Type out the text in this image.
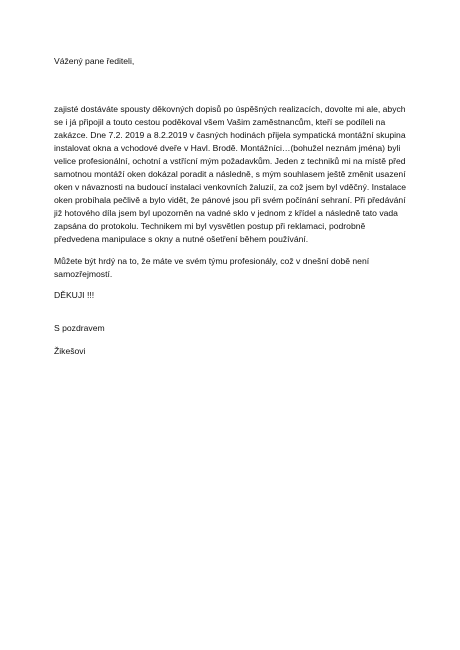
Vážený pane řediteli,
zajisté dostáváte spousty děkovných dopisů po úspěšných realizacích, dovolte mi ale, abych
se i já připojil a touto cestou poděkoval všem Vašim zaměstnancům, kteří se podíleli na
zakázce. Dne 7.2. 2019 a 8.2.2019 v časných hodinách přijela sympatická montážní skupina
instalovat okna a vchodové dveře v Havl. Brodě. Montážníci…(bohužel neznám jména) byli
velice profesionální, ochotní a vstřícní mým požadavkům. Jeden z techniků mi na místě před
samotnou montáží oken dokázal poradit a následně, s mým souhlasem ještě změnit usazení
oken v návaznosti na budoucí instalaci venkovních žaluzií, za což jsem byl vděčný. Instalace
oken probíhala pečlivě a bylo vidět, že pánové jsou při svém počínání sehraní. Při předávání
již hotového díla jsem byl upozorněn na vadné sklo v jednom z křídel a následně tato vada
zapsána do protokolu. Technikem mi byl vysvětlen postup při reklamaci, podrobně
předvedena manipulace s okny a nutné ošetření během používání.
Můžete být hrdý na to, že máte ve svém týmu profesionály, což v dnešní době není
samozřejmostí.
DĚKUJI !!!
S pozdravem
Žikešovi
